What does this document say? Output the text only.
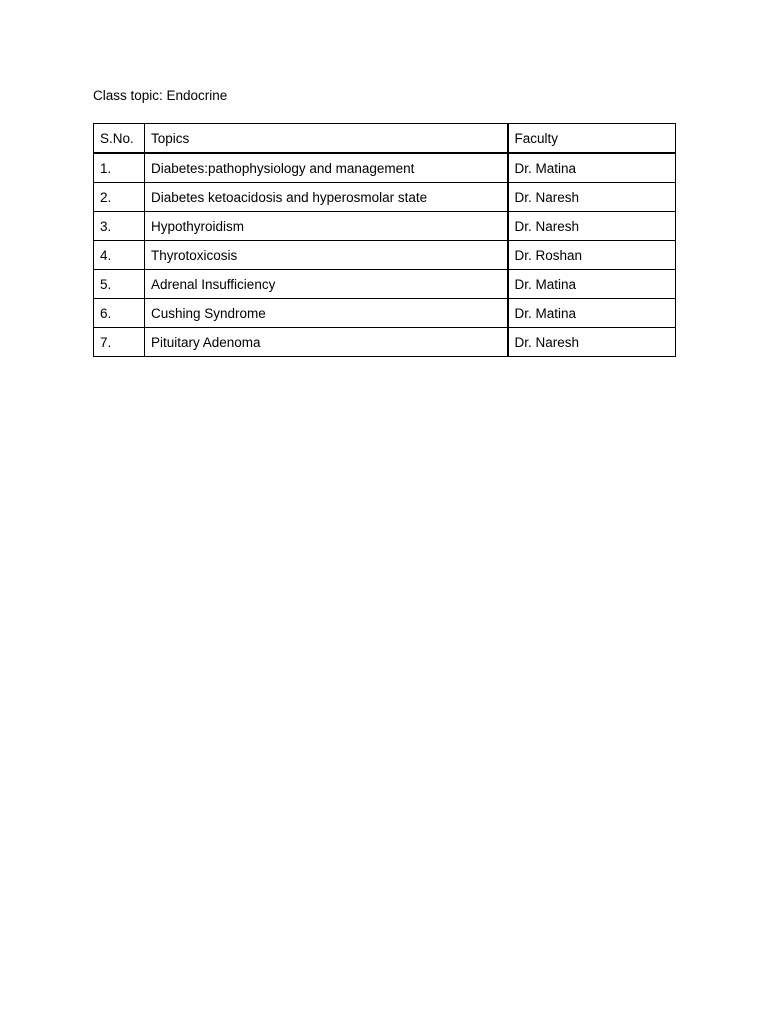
Class topic: Endocrine
S.No.	Topics	Faculty
1.	Diabetes:pathophysiology and management	Dr. Matina
2.	Diabetes ketoacidosis and hyperosmolar state	Dr. Naresh
3.	Hypothyroidism	Dr. Naresh
4.	Thyrotoxicosis	Dr. Roshan
5.	Adrenal Insufficiency	Dr. Matina
6.	Cushing Syndrome	Dr. Matina
7.	Pituitary Adenoma	Dr. Naresh
